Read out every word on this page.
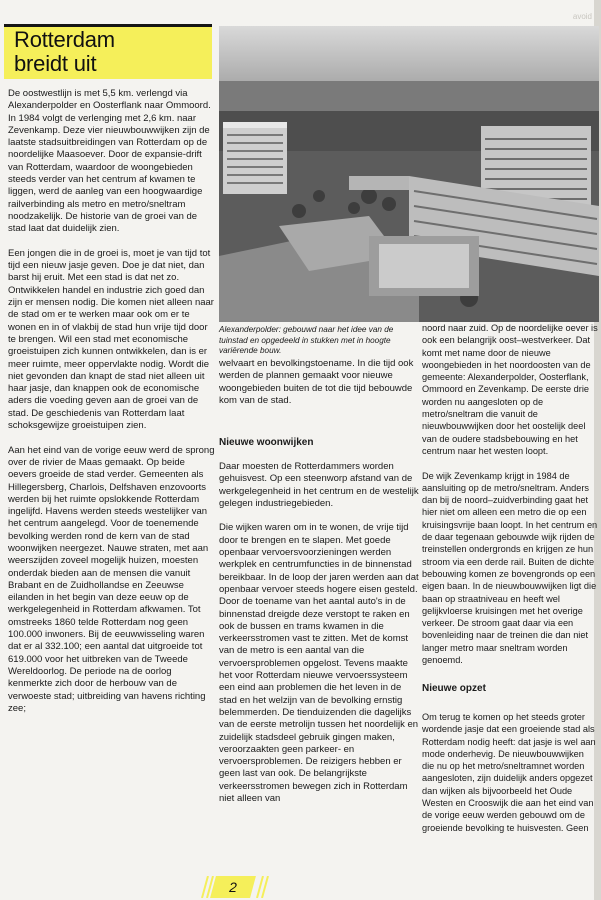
avoid
Rotterdam
breidt uit

De oostwestlijn is met 5,5 km. verlengd via Alexanderpolder en Oosterflank naar Ommoord. In 1984 volgt de verlenging met 2,6 km. naar Zevenkamp. Deze vier nieuwbouwwijken zijn de laatste stadsuitbreidingen van Rotterdam op de noordelijke Maasoever. Door de expansie-drift van Rotterdam, waardoor de woongebieden steeds verder van het centrum af kwamen te liggen, werd de aanleg van een hoogwaardige railverbinding als metro en metro/sneltram noodzakelijk. De historie van de groei van de stad laat dat duidelijk zien.

Een jongen die in de groei is, moet je van tijd tot tijd een nieuw jasje geven. Doe je dat niet, dan barst hij eruit. Met een stad is dat net zo. Ontwikkelen handel en industrie zich goed dan zijn er mensen nodig. Die komen niet alleen naar de stad om er te werken maar ook om er te wonen en in of vlakbij de stad hun vrije tijd door te brengen. Wil een stad met economische groeistuipen zich kunnen ontwikkelen, dan is er meer ruimte, meer oppervlakte nodig. Wordt die niet gevonden dan knapt de stad niet alleen uit haar jasje, dan knappen ook de economische aders die voeding geven aan de groei van de stad. De geschiedenis van Rotterdam laat schoksgewijze groeistuipen zien.

Aan het eind van de vorige eeuw werd de sprong over de rivier de Maas gemaakt. Op beide oevers groeide de stad verder. Gemeenten als Hillegersberg, Charlois, Delfshaven enzovoorts werden bij het ruimte opslokkende Rotterdam ingelijfd. Havens werden steeds westelijker van het centrum aangelegd. Voor de toenemende bevolking werden rond de kern van de stad woonwijken neergezet. Nauwe straten, met aan weerszijden zoveel mogelijk huizen, moesten onderdak bieden aan de mensen die vanuit Brabant en de Zuidhollandse en Zeeuwse eilanden in het begin van deze eeuw op de werkgelegenheid in Rotterdam afkwamen. Tot omstreeks 1860 telde Rotterdam nog geen 100.000 inwoners. Bij de eeuwwisseling waren dat er al 332.100; een aantal dat uitgroeide tot 619.000 voor het uitbreken van de Tweede Wereldoorlog. De periode na de oorlog kenmerkte zich door de herbouw van de verwoeste stad; uitbreiding van havens richting zee;

Alexanderpolder: gebouwd naar het idee van de tuinstad en opgedeeld in stukken met in hoogte variërende bouw.

welvaart en bevolkingstoename. In die tijd ook werden de plannen gemaakt voor nieuwe woongebieden buiten de tot die tijd bebouwde kom van de stad.

Nieuwe woonwijken

Daar moesten de Rotterdammers worden gehuisvest. Op een steenworp afstand van de werkgelegenheid in het centrum en de westelijk gelegen industriegebieden.

Die wijken waren om in te wonen, de vrije tijd door te brengen en te slapen. Met goede openbaar vervoersvoorzieningen werden werkplek en centrumfuncties in de binnenstad bereikbaar. In de loop der jaren werden aan dat openbaar vervoer steeds hogere eisen gesteld. Door de toename van het aantal auto's in de binnenstad dreigde deze verstopt te raken en ook de bussen en trams kwamen in die verkeersstromen vast te zitten. Met de komst van de metro is een aantal van die vervoersproblemen opgelost. Tevens maakte het voor Rotterdam nieuwe vervoerssysteem een eind aan problemen die het leven in de stad en het welzijn van de bevolking ernstig belemmerden. De tienduizenden die dagelijks van de eerste metrolijn tussen het noordelijk en zuidelijk stadsdeel gebruik gingen maken, veroorzaakten geen parkeer- en vervoersproblemen. De reizigers hebben er geen last van ook. De belangrijkste verkeersstromen bewegen zich in Rotterdam niet alleen van

noord naar zuid. Op de noordelijke oever is ook een belangrijk oost–westverkeer. Dat komt met name door de nieuwe woongebieden in het noordoosten van de gemeente: Alexanderpolder, Oosterflank, Ommoord en Zevenkamp. De eerste drie worden nu aangesloten op de metro/sneltram die vanuit de nieuwbouwwijken door het oostelijk deel van de oudere stadsbebouwing en het centrum naar het westen loopt.

De wijk Zevenkamp krijgt in 1984 de aansluiting op de metro/sneltram. Anders dan bij de noord–zuidverbinding gaat het hier niet om alleen een metro die op een kruisingsvrije baan loopt. In het centrum en de daar tegenaan gebouwde wijk rijden de treinstellen ondergronds en krijgen ze hun stroom via een derde rail. Buiten de dichte bebouwing komen ze bovengronds op een eigen baan. In de nieuwbouwwijken ligt die baan op straatniveau en heeft wel gelijkvloerse kruisingen met het overige verkeer. De stroom gaat daar via een bovenleiding naar de treinen die dan niet langer metro maar sneltram worden genoemd.

Nieuwe opzet

Om terug te komen op het steeds groter wordende jasje dat een groeiende stad als Rotterdam nodig heeft: dat jasje is wel aan mode onderhevig. De nieuwbouwwijken die nu op het metro/sneltramnet worden aangesloten, zijn duidelijk anders opgezet dan wijken als bijvoorbeeld het Oude Westen en Crooswijk die aan het eind van de vorige eeuw werden gebouwd om de groeiende bevolking te huisvesten. Geen

2
